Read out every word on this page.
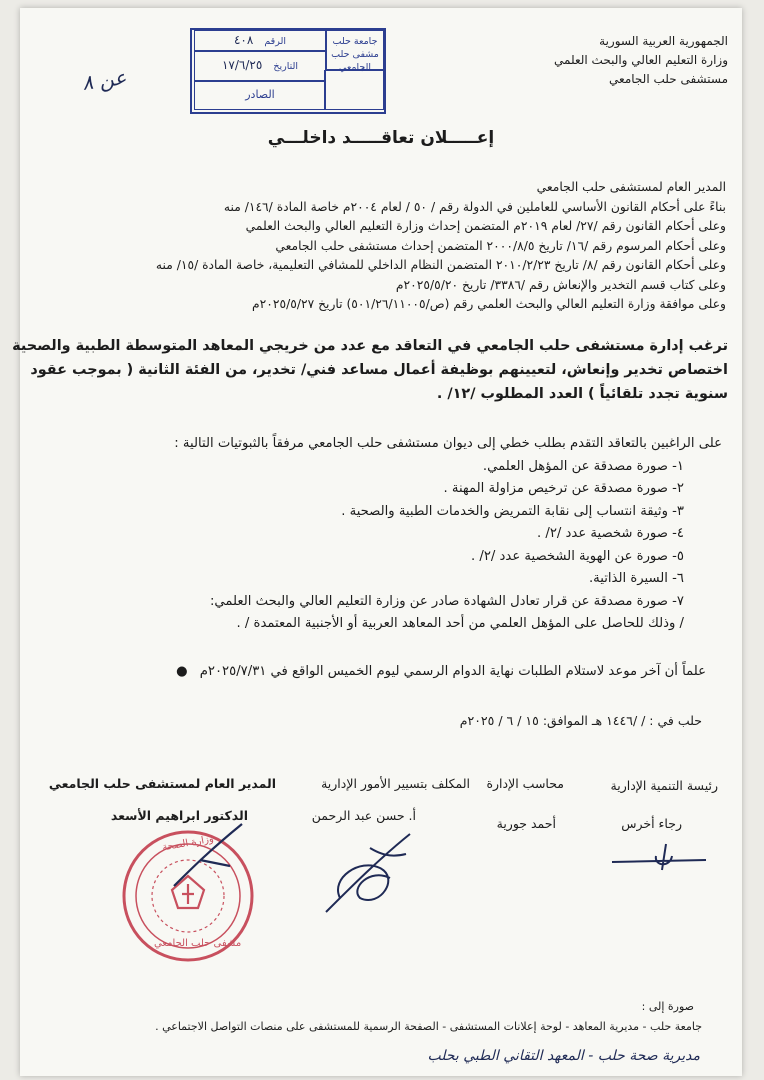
الجمهورية العربية السورية
وزارة التعليم العالي والبحث العلمي
مستشفى حلب الجامعي
جامعة حلب
مشفى حلب الجامعي
الرقم ٤٠٨
التاريخ ١٧/٦/٢٥
الصادر
عن ٨
إعـــــلان تعاقـــــد داخلـــي
المدير العام لمستشفى حلب الجامعي
بناءً على أحكام القانون الأساسي للعاملين في الدولة رقم / ٥٠ / لعام ٢٠٠٤م خاصة المادة /١٤٦/ منه
وعلى أحكام القانون رقم /٢٧/ لعام ٢٠١٩م المتضمن إحداث وزارة التعليم العالي والبحث العلمي
وعلى أحكام المرسوم رقم /١٦/ تاريخ ٢٠٠٠/٨/٥ المتضمن إحداث مستشفى حلب الجامعي
وعلى أحكام القانون رقم /٨/ تاريخ ٢٠١٠/٢/٢٣ المتضمن النظام الداخلي للمشافي التعليمية، خاصة المادة /١٥/ منه
وعلى كتاب قسم التخدير والإنعاش رقم /٣٣٨٦/ تاريخ ٢٠٢٥/٥/٢٠م
وعلى موافقة وزارة التعليم العالي والبحث العلمي رقم (ص/٥٠١/٢٦/١١٠٠٥) تاريخ ٢٠٢٥/٥/٢٧م
ترغب إدارة مستشفى حلب الجامعي في التعاقد مع عدد من خريجي المعاهد المتوسطة الطبية والصحية
اختصاص تخدير وإنعاش، لتعيينهم بوظيفة أعمال مساعد فني/ تخدير، من الفئة الثانية ( بموجب عقود
سنوية تجدد تلقائياً ) العدد المطلوب /١٢/ .
على الراغبين بالتعاقد التقدم بطلب خطي إلى ديوان مستشفى حلب الجامعي مرفقاً بالثبوتيات التالية :
١- صورة مصدقة عن المؤهل العلمي.
٢- صورة مصدقة عن ترخيص مزاولة المهنة .
٣- وثيقة انتساب إلى نقابة التمريض والخدمات الطبية والصحية .
٤- صورة شخصية عدد /٢/ .
٥- صورة عن الهوية الشخصية عدد /٢/ .
٦- السيرة الذاتية.
٧- صورة مصدقة عن قرار تعادل الشهادة صادر عن وزارة التعليم العالي والبحث العلمي:
/ وذلك للحاصل على المؤهل العلمي من أحد المعاهد العربية أو الأجنبية المعتمدة / .
علماً أن آخر موعد لاستلام الطلبات نهاية الدوام الرسمي ليوم الخميس الواقع في ٢٠٢٥/٧/٣١م ●
حلب في : / /١٤٤٦ هـ الموافق: ١٥ / ٦ / ٢٠٢٥م
رئيسة التنمية الإدارية
محاسب الإدارة
المكلف بتسيير الأمور الإدارية
المدير العام لمستشفى حلب الجامعي
رجاء أخرس
أحمد جورية
أ. حسن عبد الرحمن
الدكتور ابراهيم الأسعد
وزارة الصحة
مشفى حلب الجامعي
صورة إلى :
جامعة حلب - مديرية المعاهد - لوحة إعلانات المستشفى - الصفحة الرسمية للمستشفى على منصات التواصل الاجتماعي .
مديرية صحة حلب - المعهد التقاني الطبي بحلب
